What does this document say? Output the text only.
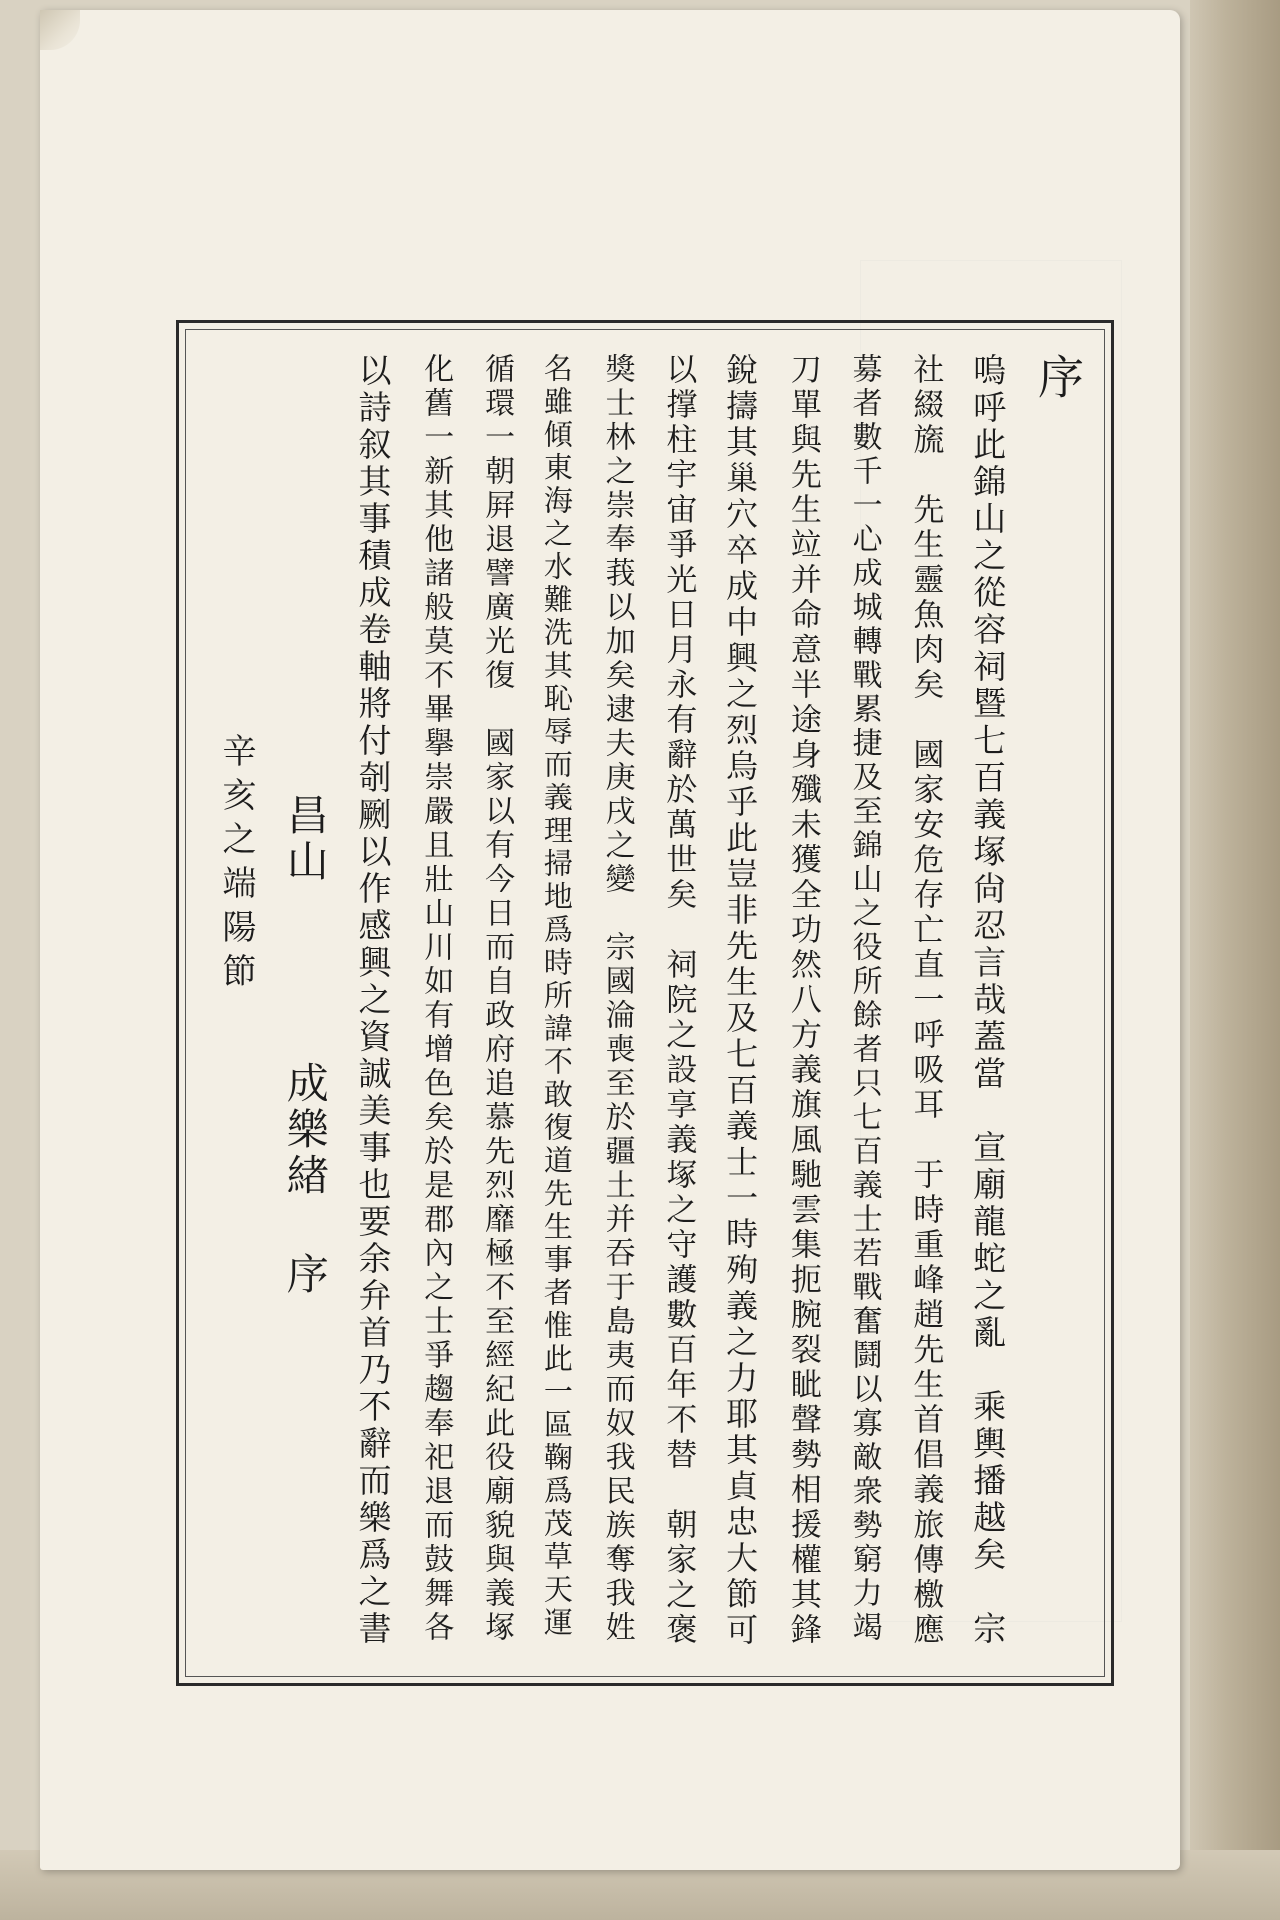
序
嗚呼此錦山之從容祠暨七百義塚尙忍言哉蓋當　宣廟龍蛇之亂　乘輿播越矣　宗
社綴旒　先生靈魚肉矣　國家安危存亡直一呼吸耳　于時重峰趙先生首倡義旅傳檄應
募者數千一心成城轉戰累捷及至錦山之役所餘者只七百義士若戰奮鬪以寡敵衆勢窮力竭
刀單與先生竝并命意半途身殲未獲全功然八方義旗風馳雲集扼腕裂眦聲勢相援權其鋒
銳擣其巢穴卒成中興之烈烏乎此豈非先生及七百義士一時殉義之力耶其貞忠大節可
以撑柱宇宙爭光日月永有辭於萬世矣　祠院之設享義塚之守護數百年不替　朝家之褒
獎士林之崇奉莪以加矣逮夫庚戌之變　宗國淪喪至於疆土并吞于島夷而奴我民族奪我姓
名雖傾東海之水難洗其恥辱而義理掃地爲時所諱不敢復道先生事者惟此一區鞠爲茂草天運
循環一朝屛退譬廣光復　國家以有今日而自政府追慕先烈靡極不至經紀此役廟貌與義塚
化舊一新其他諸般莫不畢擧崇嚴且壯山川如有增色矣於是郡內之士爭趨奉祀退而鼓舞各
以詩叙其事積成卷軸將付剞劂以作感興之資誠美事也要余弁首乃不辭而樂爲之書
昌山  成樂緖 序
辛亥之端陽節
